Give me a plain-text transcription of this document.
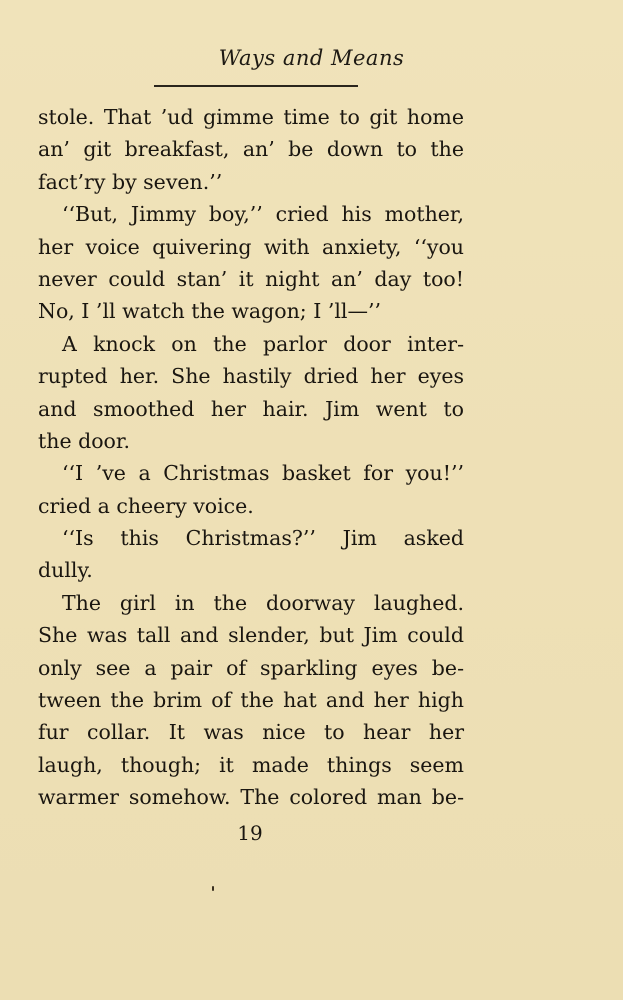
Ways and Means
stole. That ’ud gimme time to git home
an’ git breakfast, an’ be down to the
fact’ry by seven.’’
‘‘But, Jimmy boy,’’ cried his mother,
her voice quivering with anxiety, ‘‘you
never could stan’ it night an’ day too!
No, I ’ll watch the wagon; I ’ll—’’
A knock on the parlor door inter-
rupted her. She hastily dried her eyes
and smoothed her hair. Jim went to
the door.
‘‘I ’ve a Christmas basket for you!’’
cried a cheery voice.
‘‘Is this Christmas?’’ Jim asked
dully.
The girl in the doorway laughed.
She was tall and slender, but Jim could
only see a pair of sparkling eyes be-
tween the brim of the hat and her high
fur collar. It was nice to hear her
laugh, though; it made things seem
warmer somehow. The colored man be-
19
